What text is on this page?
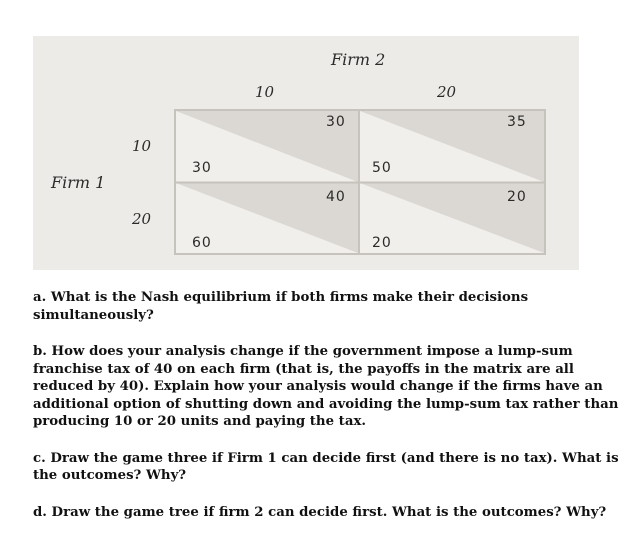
Firm 2
Firm 1
10	20
10
20
30
30
50
35
60
40
20
20

a. What is the Nash equilibrium if both firms make their decisions simultaneously?

b. How does your analysis change if the government impose a lump-sum franchise tax of 40 on each firm (that is, the payoffs in the matrix are all reduced by 40). Explain how your analysis would change if the firms have an additional option of shutting down and avoiding the lump-sum tax rather than producing 10 or 20 units and paying the tax.

c. Draw the game three if Firm 1 can decide first (and there is no tax). What is the outcomes? Why?

d. Draw the game tree if firm 2 can decide first. What is the outcomes? Why?
